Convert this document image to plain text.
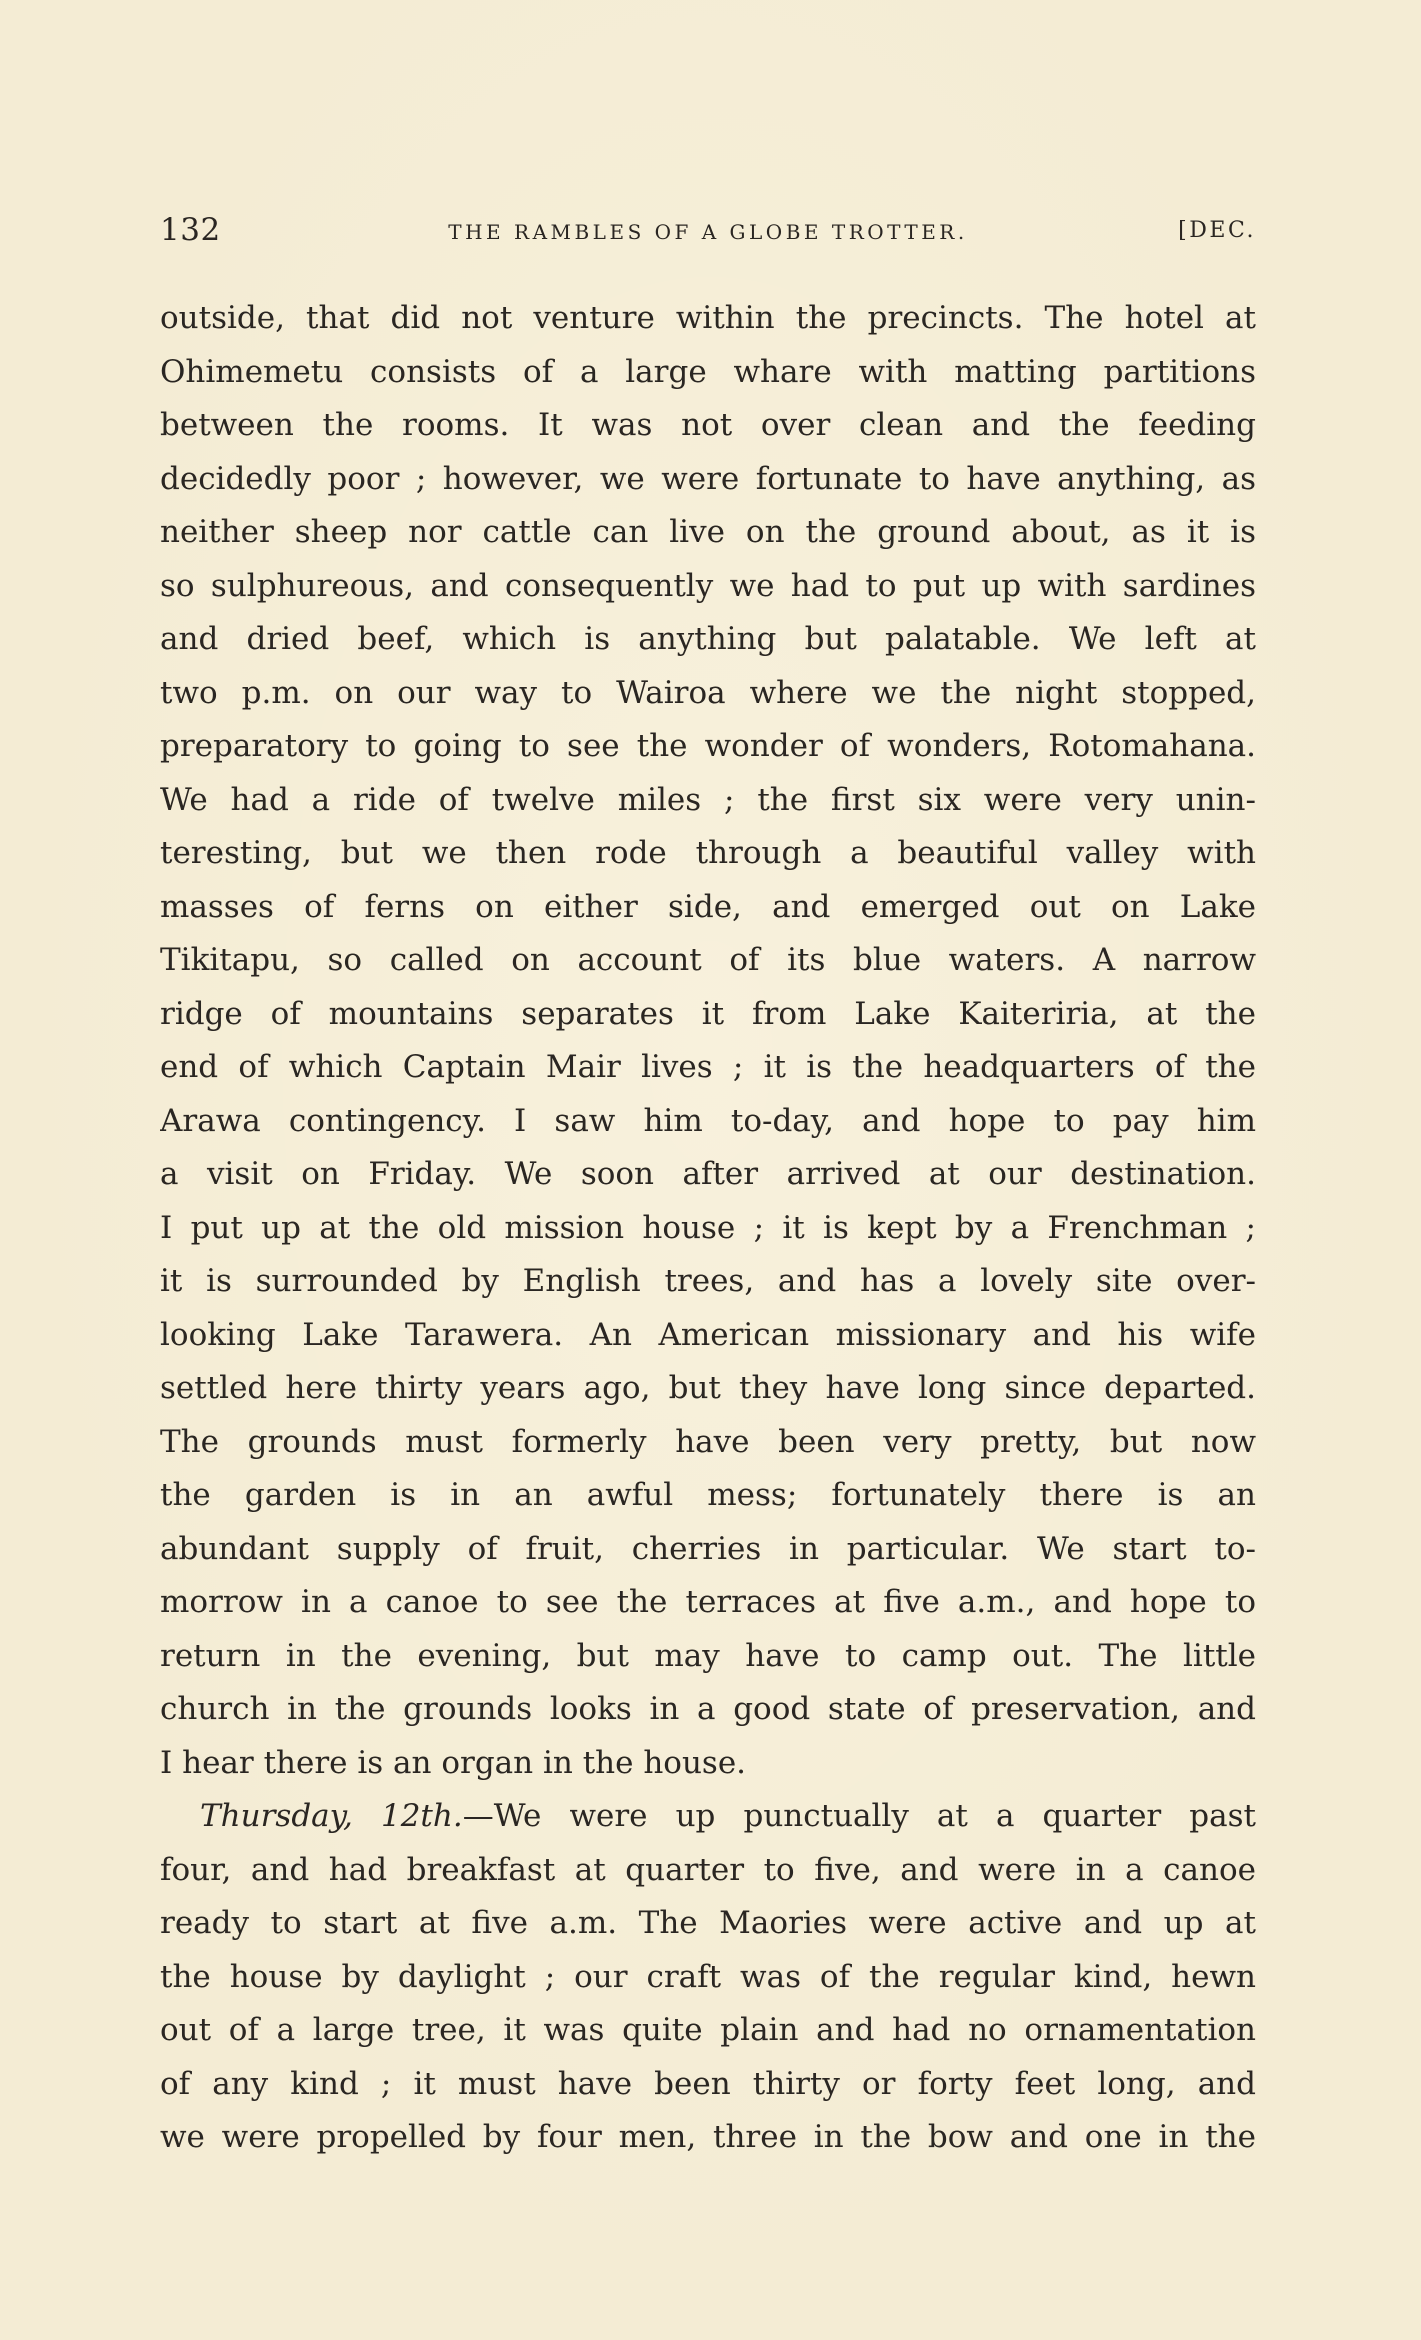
132	THE RAMBLES OF A GLOBE TROTTER.	[DEC.
outside, that did not venture within the precincts. The hotel at
Ohimemetu consists of a large whare with matting partitions
between the rooms. It was not over clean and the feeding
decidedly poor ; however, we were fortunate to have anything, as
neither sheep nor cattle can live on the ground about, as it is
so sulphureous, and consequently we had to put up with sardines
and dried beef, which is anything but palatable. We left at
two p.m. on our way to Wairoa where we the night stopped,
preparatory to going to see the wonder of wonders, Rotomahana.
We had a ride of twelve miles ; the first six were very unin-
teresting, but we then rode through a beautiful valley with
masses of ferns on either side, and emerged out on Lake
Tikitapu, so called on account of its blue waters. A narrow
ridge of mountains separates it from Lake Kaiteriria, at the
end of which Captain Mair lives ; it is the headquarters of the
Arawa contingency. I saw him to-day, and hope to pay him
a visit on Friday. We soon after arrived at our destination.
I put up at the old mission house ; it is kept by a Frenchman ;
it is surrounded by English trees, and has a lovely site over-
looking Lake Tarawera. An American missionary and his wife
settled here thirty years ago, but they have long since departed.
The grounds must formerly have been very pretty, but now
the garden is in an awful mess; fortunately there is an
abundant supply of fruit, cherries in particular. We start to-
morrow in a canoe to see the terraces at five a.m., and hope to
return in the evening, but may have to camp out. The little
church in the grounds looks in a good state of preservation, and
I hear there is an organ in the house.
Thursday, 12th.—We were up punctually at a quarter past
four, and had breakfast at quarter to five, and were in a canoe
ready to start at five a.m. The Maories were active and up at
the house by daylight ; our craft was of the regular kind, hewn
out of a large tree, it was quite plain and had no ornamentation
of any kind ; it must have been thirty or forty feet long, and
we were propelled by four men, three in the bow and one in the
